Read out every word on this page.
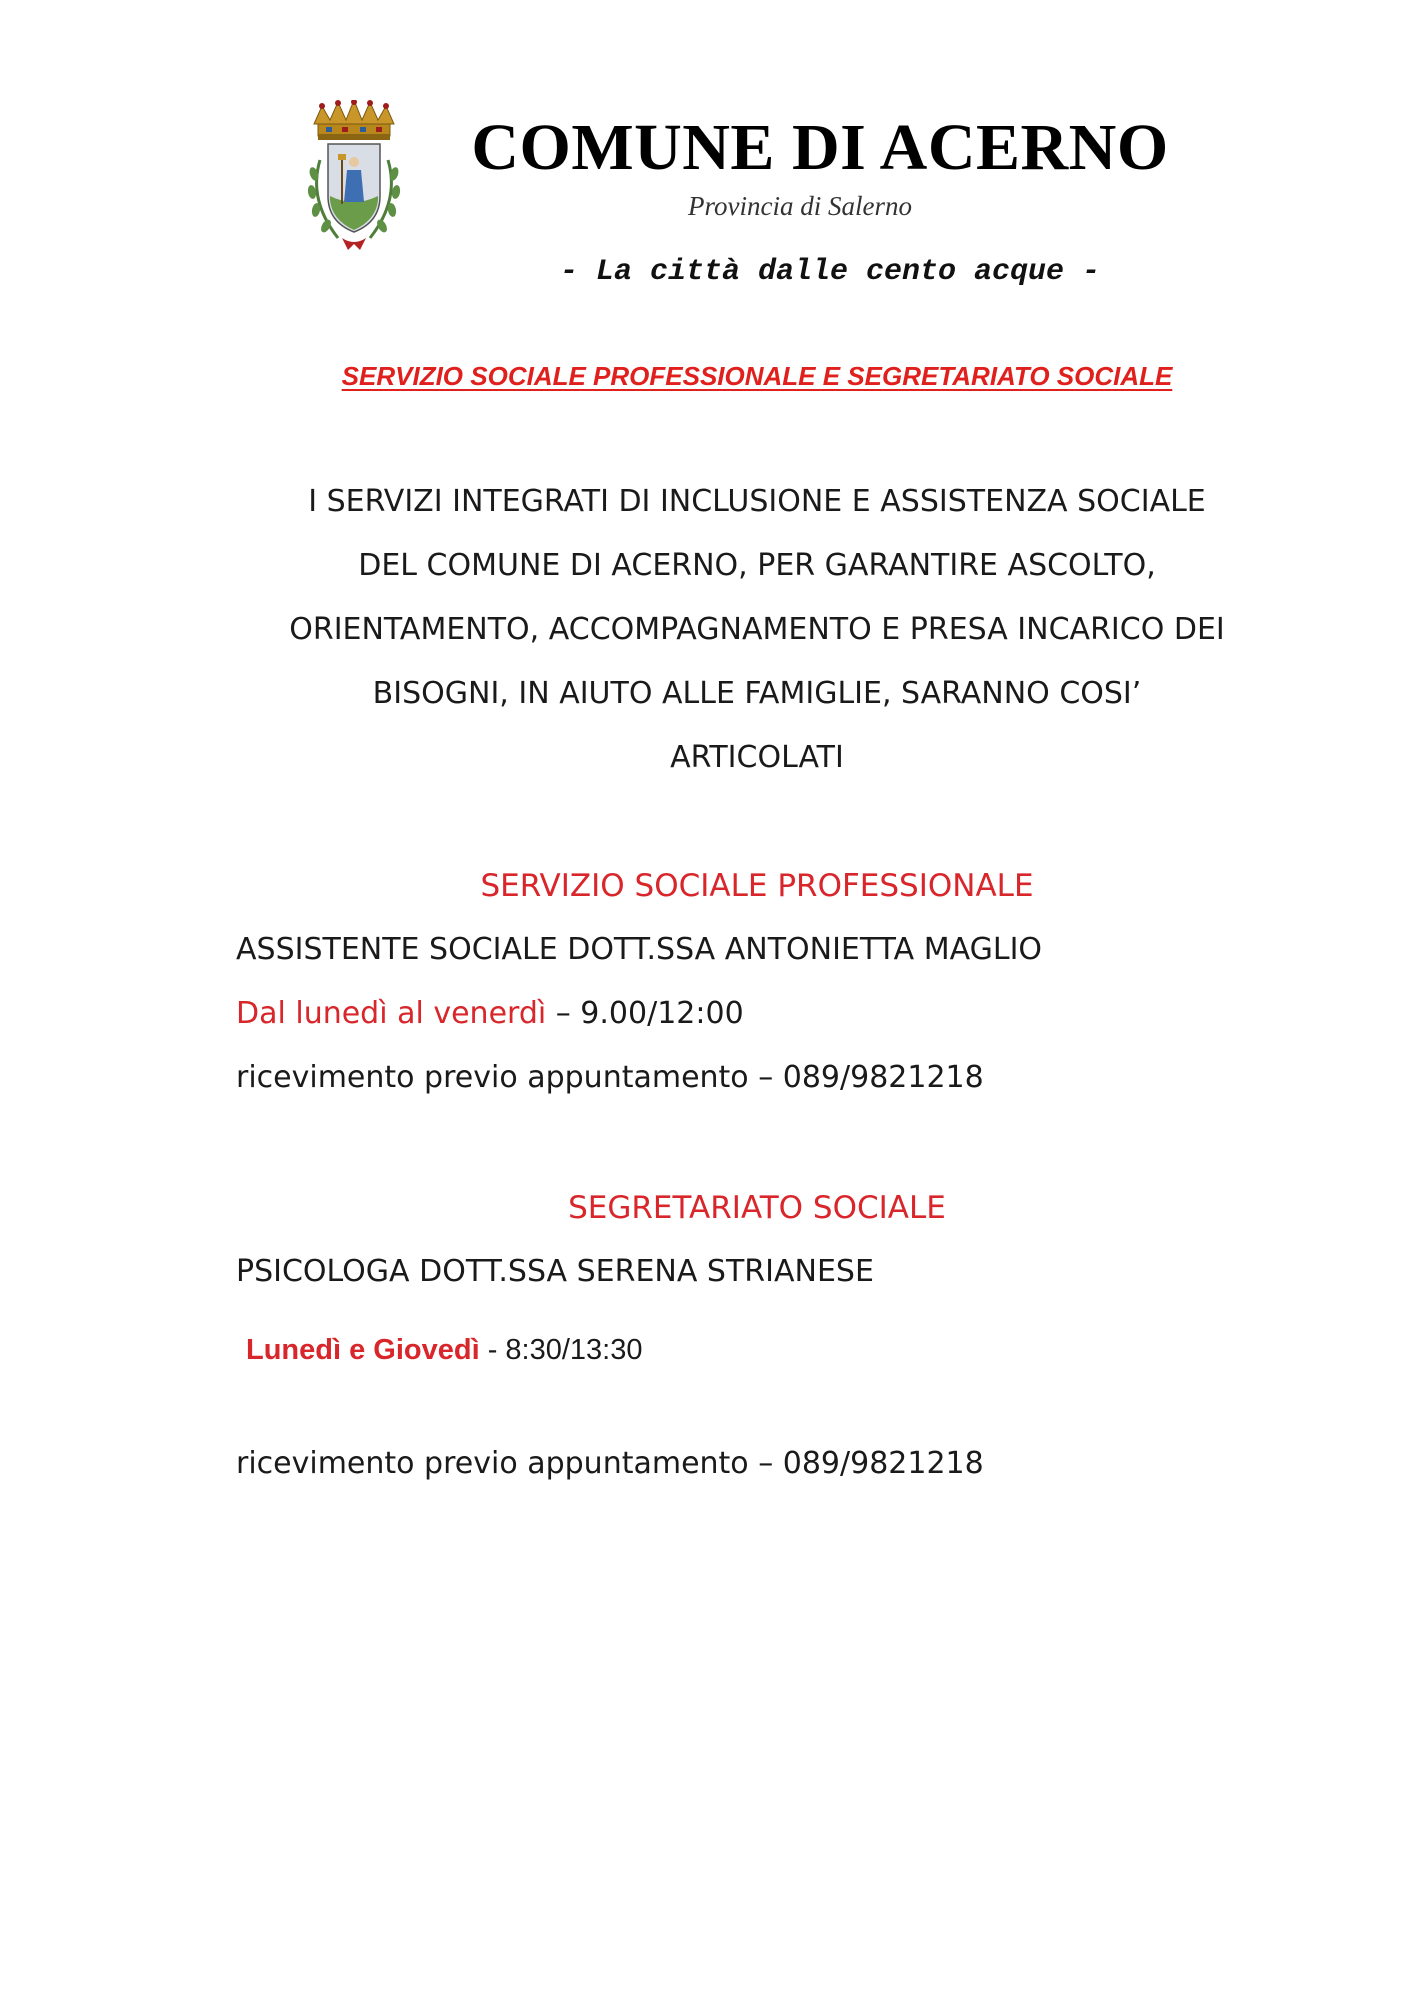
COMUNE DI ACERNO
Provincia di Salerno
- La città dalle cento acque -
SERVIZIO SOCIALE PROFESSIONALE E SEGRETARIATO SOCIALE
I SERVIZI INTEGRATI DI INCLUSIONE E ASSISTENZA SOCIALE
DEL COMUNE DI ACERNO, PER GARANTIRE ASCOLTO,
ORIENTAMENTO, ACCOMPAGNAMENTO E PRESA INCARICO DEI
BISOGNI, IN AIUTO ALLE FAMIGLIE, SARANNO COSI’
ARTICOLATI
SERVIZIO SOCIALE PROFESSIONALE
ASSISTENTE SOCIALE DOTT.SSA ANTONIETTA MAGLIO
Dal lunedì al venerdì – 9.00/12:00
ricevimento previo appuntamento – 089/9821218
SEGRETARIATO SOCIALE
PSICOLOGA DOTT.SSA SERENA STRIANESE
Lunedì e Giovedì - 8:30/13:30
ricevimento previo appuntamento – 089/9821218
